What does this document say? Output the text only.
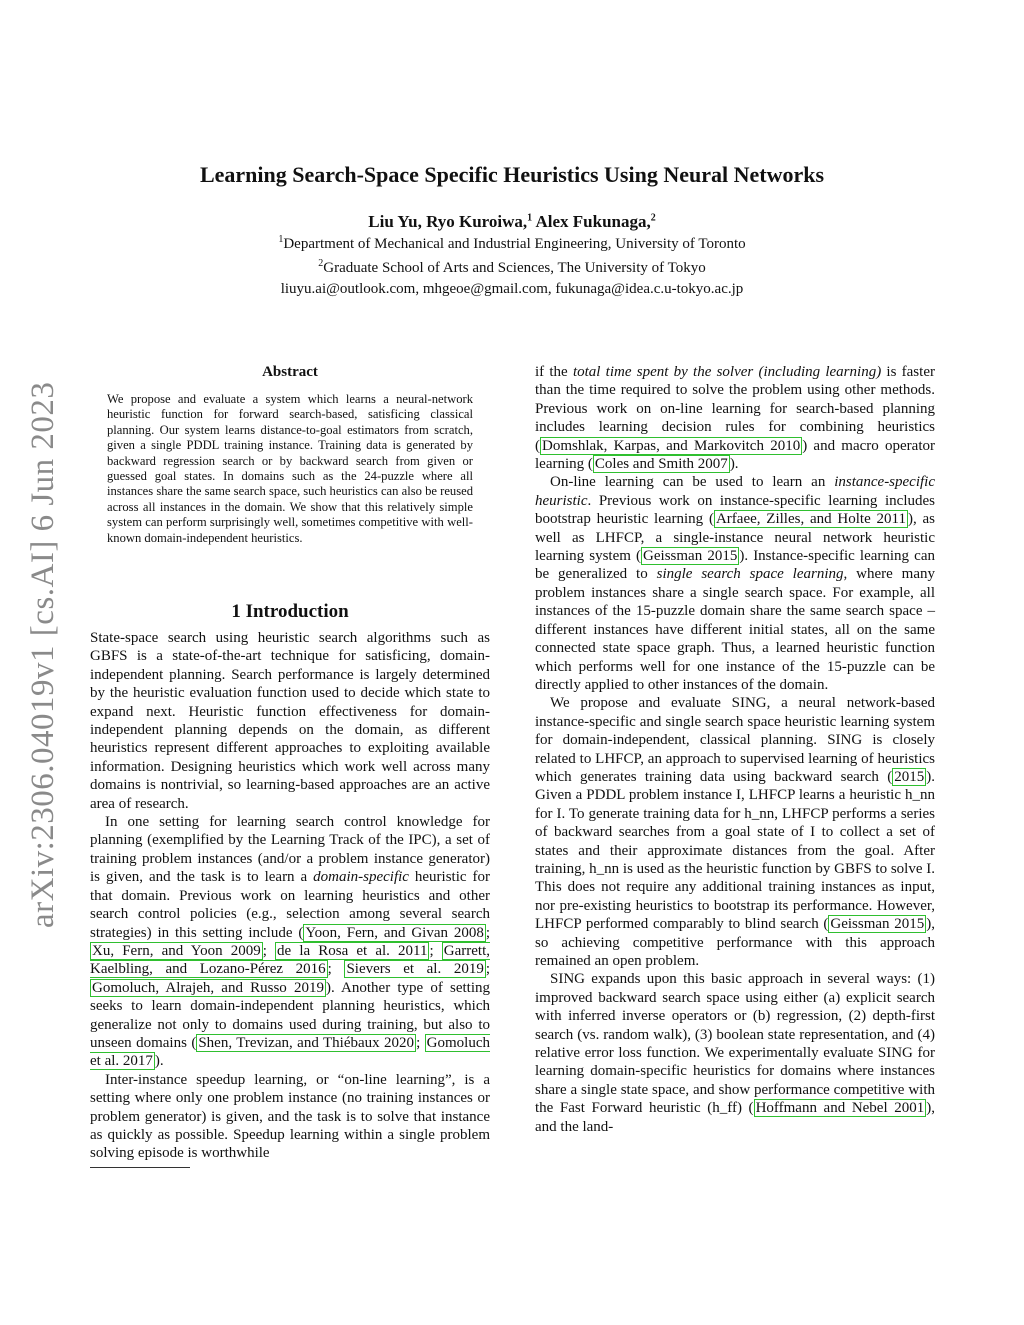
arXiv:2306.04019v1 [cs.AI] 6 Jun 2023
Learning Search-Space Specific Heuristics Using Neural Networks
Liu Yu, Ryo Kuroiwa,$^1$ Alex Fukunaga,$^2$
$^1$Department of Mechanical and Industrial Engineering, University of Toronto
$^2$Graduate School of Arts and Sciences, The University of Tokyo
liuyu.ai@outlook.com, mhgeoe@gmail.com, fukunaga@idea.c.u-tokyo.ac.jp
Abstract
We propose and evaluate a system which learns a neural-network heuristic function for forward search-based, satisficing classical planning. Our system learns distance-to-goal estimators from scratch, given a single PDDL training instance. Training data is generated by backward regression search or by backward search from given or guessed goal states. In domains such as the 24-puzzle where all instances share the same search space, such heuristics can also be reused across all instances in the domain. We show that this relatively simple system can perform surprisingly well, sometimes competitive with well-known domain-independent heuristics.
1 Introduction

State-space search using heuristic search algorithms such as GBFS is a state-of-the-art technique for satisficing, domain-independent planning. Search performance is largely determined by the heuristic evaluation function used to decide which state to expand next. Heuristic function effectiveness for domain-independent planning depends on the domain, as different heuristics represent different approaches to exploiting available information. Designing heuristics which work well across many domains is nontrivial, so learning-based approaches are an active area of research.

In one setting for learning search control knowledge for planning (exemplified by the Learning Track of the IPC), a set of training problem instances (and/or a problem instance generator) is given, and the task is to learn a domain-specific heuristic for that domain. Previous work on learning heuristics and other search control policies (e.g., selection among several search strategies) in this setting include ( Yoon, Fern, and Givan 2008 ; Xu, Fern, and Yoon 2009 ; de la Rosa et al. 2011 ; Garrett, Kaelbling, and Lozano-Pérez 2016 ; Sievers et al. 2019 ; Gomoluch, Alrajeh, and Russo 2019 ). Another type of setting seeks to learn domain-independent planning heuristics, which generalize not only to domains used during training, but also to unseen domains ( Shen, Trevizan, and Thiébaux 2020 ; Gomoluch et al. 2017 ).

Inter-instance speedup learning, or “on-line learning”, is a setting where only one problem instance (no training instances or problem generator) is given, and the task is to solve that instance as quickly as possible. Speedup learning within a single problem solving episode is worthwhile

if the total time spent by the solver (including learning) is faster than the time required to solve the problem using other methods. Previous work on on-line learning for search-based planning includes learning decision rules for combining heuristics ( Domshlak, Karpas, and Markovitch 2010 ) and macro operator learning ( Coles and Smith 2007 ).

On-line learning can be used to learn an instance-specific heuristic. Previous work on instance-specific learning includes bootstrap heuristic learning ( Arfaee, Zilles, and Holte 2011 ), as well as LHFCP, a single-instance neural network heuristic learning system ( Geissman 2015 ). Instance-specific learning can be generalized to single search space learning, where many problem instances share a single search space. For example, all instances of the 15-puzzle domain share the same search space – different instances have different initial states, all on the same connected state space graph. Thus, a learned heuristic function which performs well for one instance of the 15-puzzle can be directly applied to other instances of the domain.

We propose and evaluate SING, a neural network-based instance-specific and single search space heuristic learning system for domain-independent, classical planning. SING is closely related to LHFCP, an approach to supervised learning of heuristics which generates training data using backward search ( 2015 ). Given a PDDL problem instance I, LHFCP learns a heuristic h_nn for I. To generate training data for h_nn, LHFCP performs a series of backward searches from a goal state of I to collect a set of states and their approximate distances from the goal. After training, h_nn is used as the heuristic function by GBFS to solve I. This does not require any additional training instances as input, nor pre-existing heuristics to bootstrap its performance. However, LHFCP performed comparably to blind search ( Geissman 2015 ), so achieving competitive performance with this approach remained an open problem.

SING expands upon this basic approach in several ways: (1) improved backward search space using either (a) explicit search with inferred inverse operators or (b) regression, (2) depth-first search (vs. random walk), (3) boolean state representation, and (4) relative error loss function. We experimentally evaluate SING for learning domain-specific heuristics for domains where instances share a single state space, and show performance competitive with the Fast Forward heuristic (h_ff) ( Hoffmann and Nebel 2001 ), and the land-
